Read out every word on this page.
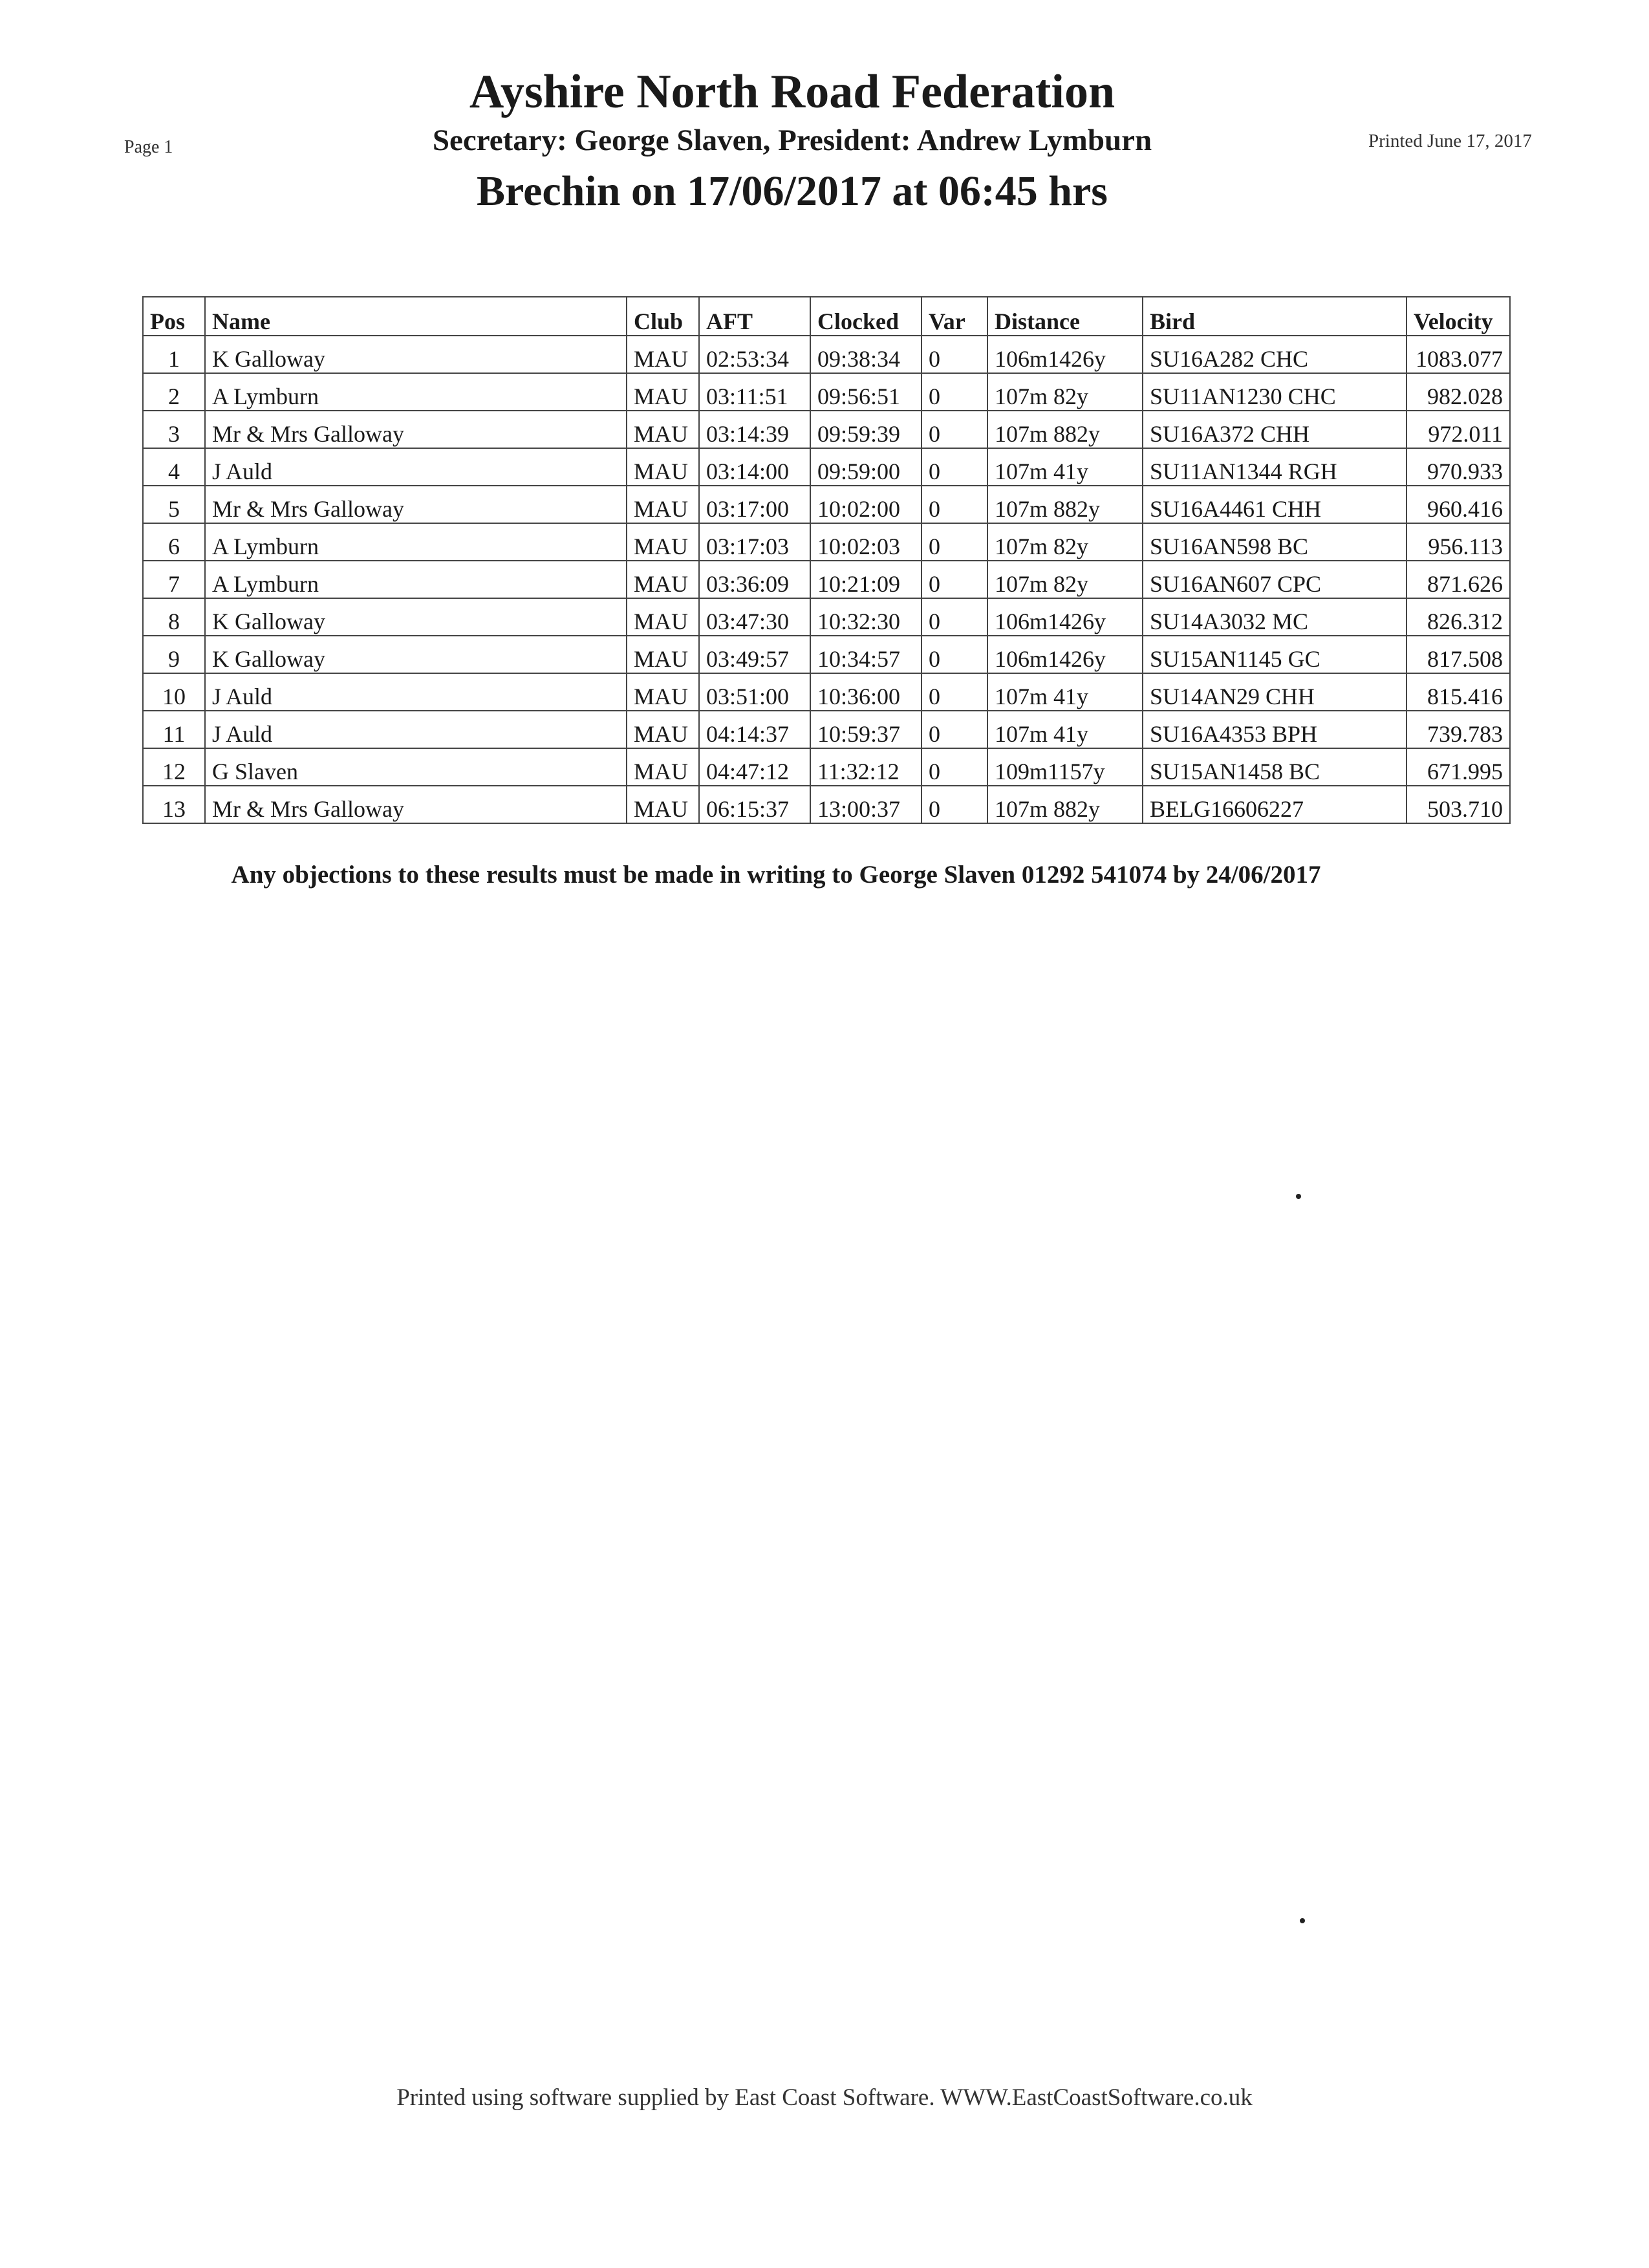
Page 1
Ayshire North Road Federation
Secretary: George Slaven, President: Andrew Lymburn
Brechin on 17/06/2017 at 06:45 hrs
Printed June 17, 2017
Pos	Name	Club	AFT	Clocked	Var	Distance	Bird	Velocity
1	K Galloway	MAU	02:53:34	09:38:34	0	106m1426y	SU16A282 CHC	1083.077
2	A Lymburn	MAU	03:11:51	09:56:51	0	107m 82y	SU11AN1230 CHC	982.028
3	Mr & Mrs Galloway	MAU	03:14:39	09:59:39	0	107m 882y	SU16A372 CHH	972.011
4	J Auld	MAU	03:14:00	09:59:00	0	107m 41y	SU11AN1344 RGH	970.933
5	Mr & Mrs Galloway	MAU	03:17:00	10:02:00	0	107m 882y	SU16A4461 CHH	960.416
6	A Lymburn	MAU	03:17:03	10:02:03	0	107m 82y	SU16AN598 BC	956.113
7	A Lymburn	MAU	03:36:09	10:21:09	0	107m 82y	SU16AN607 CPC	871.626
8	K Galloway	MAU	03:47:30	10:32:30	0	106m1426y	SU14A3032 MC	826.312
9	K Galloway	MAU	03:49:57	10:34:57	0	106m1426y	SU15AN1145 GC	817.508
10	J Auld	MAU	03:51:00	10:36:00	0	107m 41y	SU14AN29 CHH	815.416
11	J Auld	MAU	04:14:37	10:59:37	0	107m 41y	SU16A4353 BPH	739.783
12	G Slaven	MAU	04:47:12	11:32:12	0	109m1157y	SU15AN1458 BC	671.995
13	Mr & Mrs Galloway	MAU	06:15:37	13:00:37	0	107m 882y	BELG16606227	503.710
Any objections to these results must be made in writing to George Slaven 01292 541074 by 24/06/2017
Printed using software supplied by East Coast Software. WWW.EastCoastSoftware.co.uk
